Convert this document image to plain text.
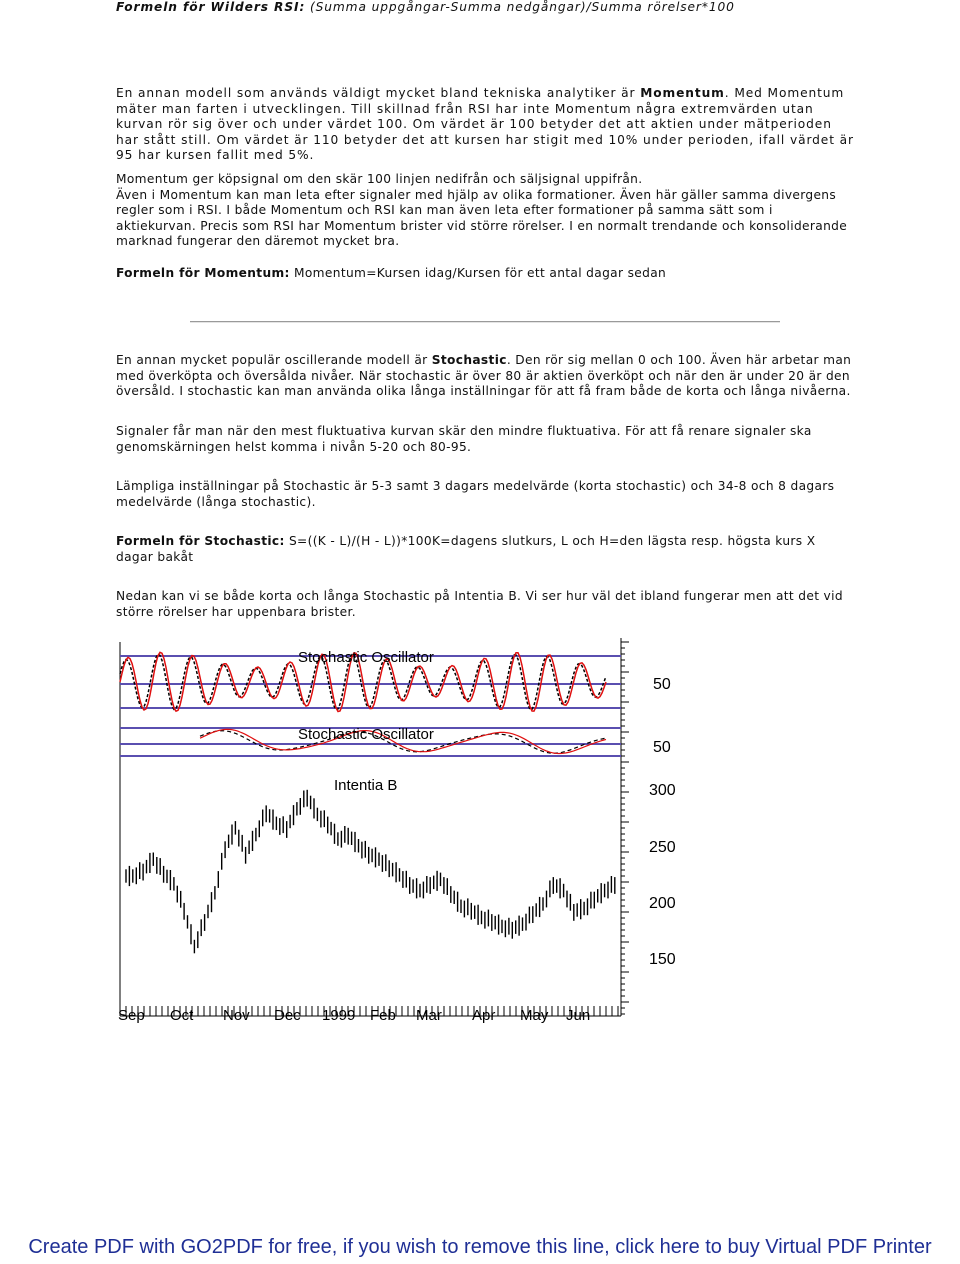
Formeln för Wilders RSI: (Summa uppgångar-Summa nedgångar)/Summa rörelser*100

En annan modell som används väldigt mycket bland tekniska analytiker är Momentum. Med Momentum mäter man farten i utvecklingen. Till skillnad från RSI har inte Momentum några extremvärden utan kurvan rör sig över och under värdet 100. Om värdet är 100 betyder det att aktien under mätperioden har stått still. Om värdet är 110 betyder det att kursen har stigit med 10% under perioden, ifall värdet är 95 har kursen fallit med 5%.

Momentum ger köpsignal om den skär 100 linjen nedifrån och säljsignal uppifrån.
Även i Momentum kan man leta efter signaler med hjälp av olika formationer. Även här gäller samma divergens regler som i RSI. I både Momentum och RSI kan man även leta efter formationer på samma sätt som i aktiekurvan. Precis som RSI har Momentum brister vid större rörelser. I en normalt trendande och konsoliderande marknad fungerar den däremot mycket bra.

Formeln för Momentum: Momentum=Kursen idag/Kursen för ett antal dagar sedan

En annan mycket populär oscillerande modell är Stochastic. Den rör sig mellan 0 och 100. Även här arbetar man med överköpta och översålda nivåer. När stochastic är över 80 är aktien överköpt och när den är under 20 är den översåld. I stochastic kan man använda olika långa inställningar för att få fram både de korta och långa nivåerna.

Signaler får man när den mest fluktuativa kurvan skär den mindre fluktuativa. För att få renare signaler ska genomskärningen helst komma i nivån 5-20 och 80-95.

Lämpliga inställningar på Stochastic är 5-3 samt 3 dagars medelvärde (korta stochastic) och 34-8 och 8 dagars medelvärde (långa stochastic).

Formeln för Stochastic: S=((K - L)/(H - L))*100K=dagens slutkurs, L och H=den lägsta resp. högsta kurs X dagar bakåt

Nedan kan vi se både korta och långa Stochastic på Intentia B. Vi ser hur väl det ibland fungerar men att det vid större rörelser har uppenbara brister.

Stochastic Oscillator
Stochastic Oscillator
Intentia B
50
50
300
250
200
150
Sep Oct Nov Dec 1999 Feb Mar Apr May Jun
Create PDF with GO2PDF for free, if you wish to remove this line, click here to buy Virtual PDF Printer
